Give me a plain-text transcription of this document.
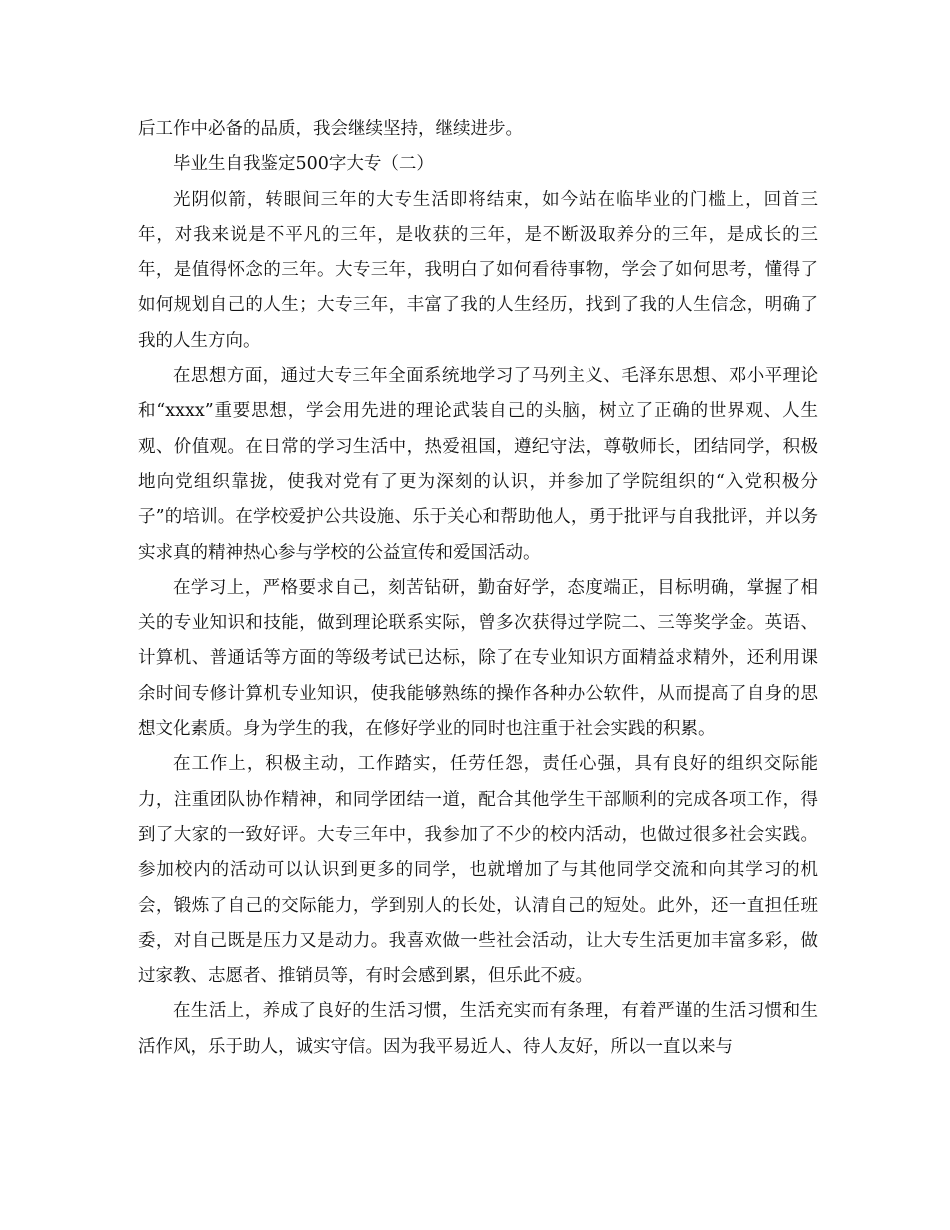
后工作中必备的品质，我会继续坚持，继续进步。

毕业生自我鉴定500字大专（二）

光阴似箭，转眼间三年的大专生活即将结束，如今站在临毕业的门槛上，回首三年，对我来说是不平凡的三年，是收获的三年，是不断汲取养分的三年，是成长的三年，是值得怀念的三年。大专三年，我明白了如何看待事物，学会了如何思考，懂得了如何规划自己的人生；大专三年，丰富了我的人生经历，找到了我的人生信念，明确了我的人生方向。

在思想方面，通过大专三年全面系统地学习了马列主义、毛泽东思想、邓小平理论和“xxxx”重要思想，学会用先进的理论武装自己的头脑，树立了正确的世界观、人生观、价值观。在日常的学习生活中，热爱祖国，遵纪守法，尊敬师长，团结同学，积极地向党组织靠拢，使我对党有了更为深刻的认识，并参加了学院组织的“入党积极分子”的培训。在学校爱护公共设施、乐于关心和帮助他人，勇于批评与自我批评，并以务实求真的精神热心参与学校的公益宣传和爱国活动。

在学习上，严格要求自己，刻苦钻研，勤奋好学，态度端正，目标明确，掌握了相关的专业知识和技能，做到理论联系实际，曾多次获得过学院二、三等奖学金。英语、计算机、普通话等方面的等级考试已达标，除了在专业知识方面精益求精外，还利用课余时间专修计算机专业知识，使我能够熟练的操作各种办公软件，从而提高了自身的思想文化素质。身为学生的我，在修好学业的同时也注重于社会实践的积累。

在工作上，积极主动，工作踏实，任劳任怨，责任心强，具有良好的组织交际能力，注重团队协作精神，和同学团结一道，配合其他学生干部顺利的完成各项工作，得到了大家的一致好评。大专三年中，我参加了不少的校内活动，也做过很多社会实践。参加校内的活动可以认识到更多的同学，也就增加了与其他同学交流和向其学习的机会，锻炼了自己的交际能力，学到别人的长处，认清自己的短处。此外，还一直担任班委，对自己既是压力又是动力。我喜欢做一些社会活动，让大专生活更加丰富多彩，做过家教、志愿者、推销员等，有时会感到累，但乐此不疲。

在生活上，养成了良好的生活习惯，生活充实而有条理，有着严谨的生活习惯和生活作风，乐于助人，诚实守信。因为我平易近人、待人友好，所以一直以来与
